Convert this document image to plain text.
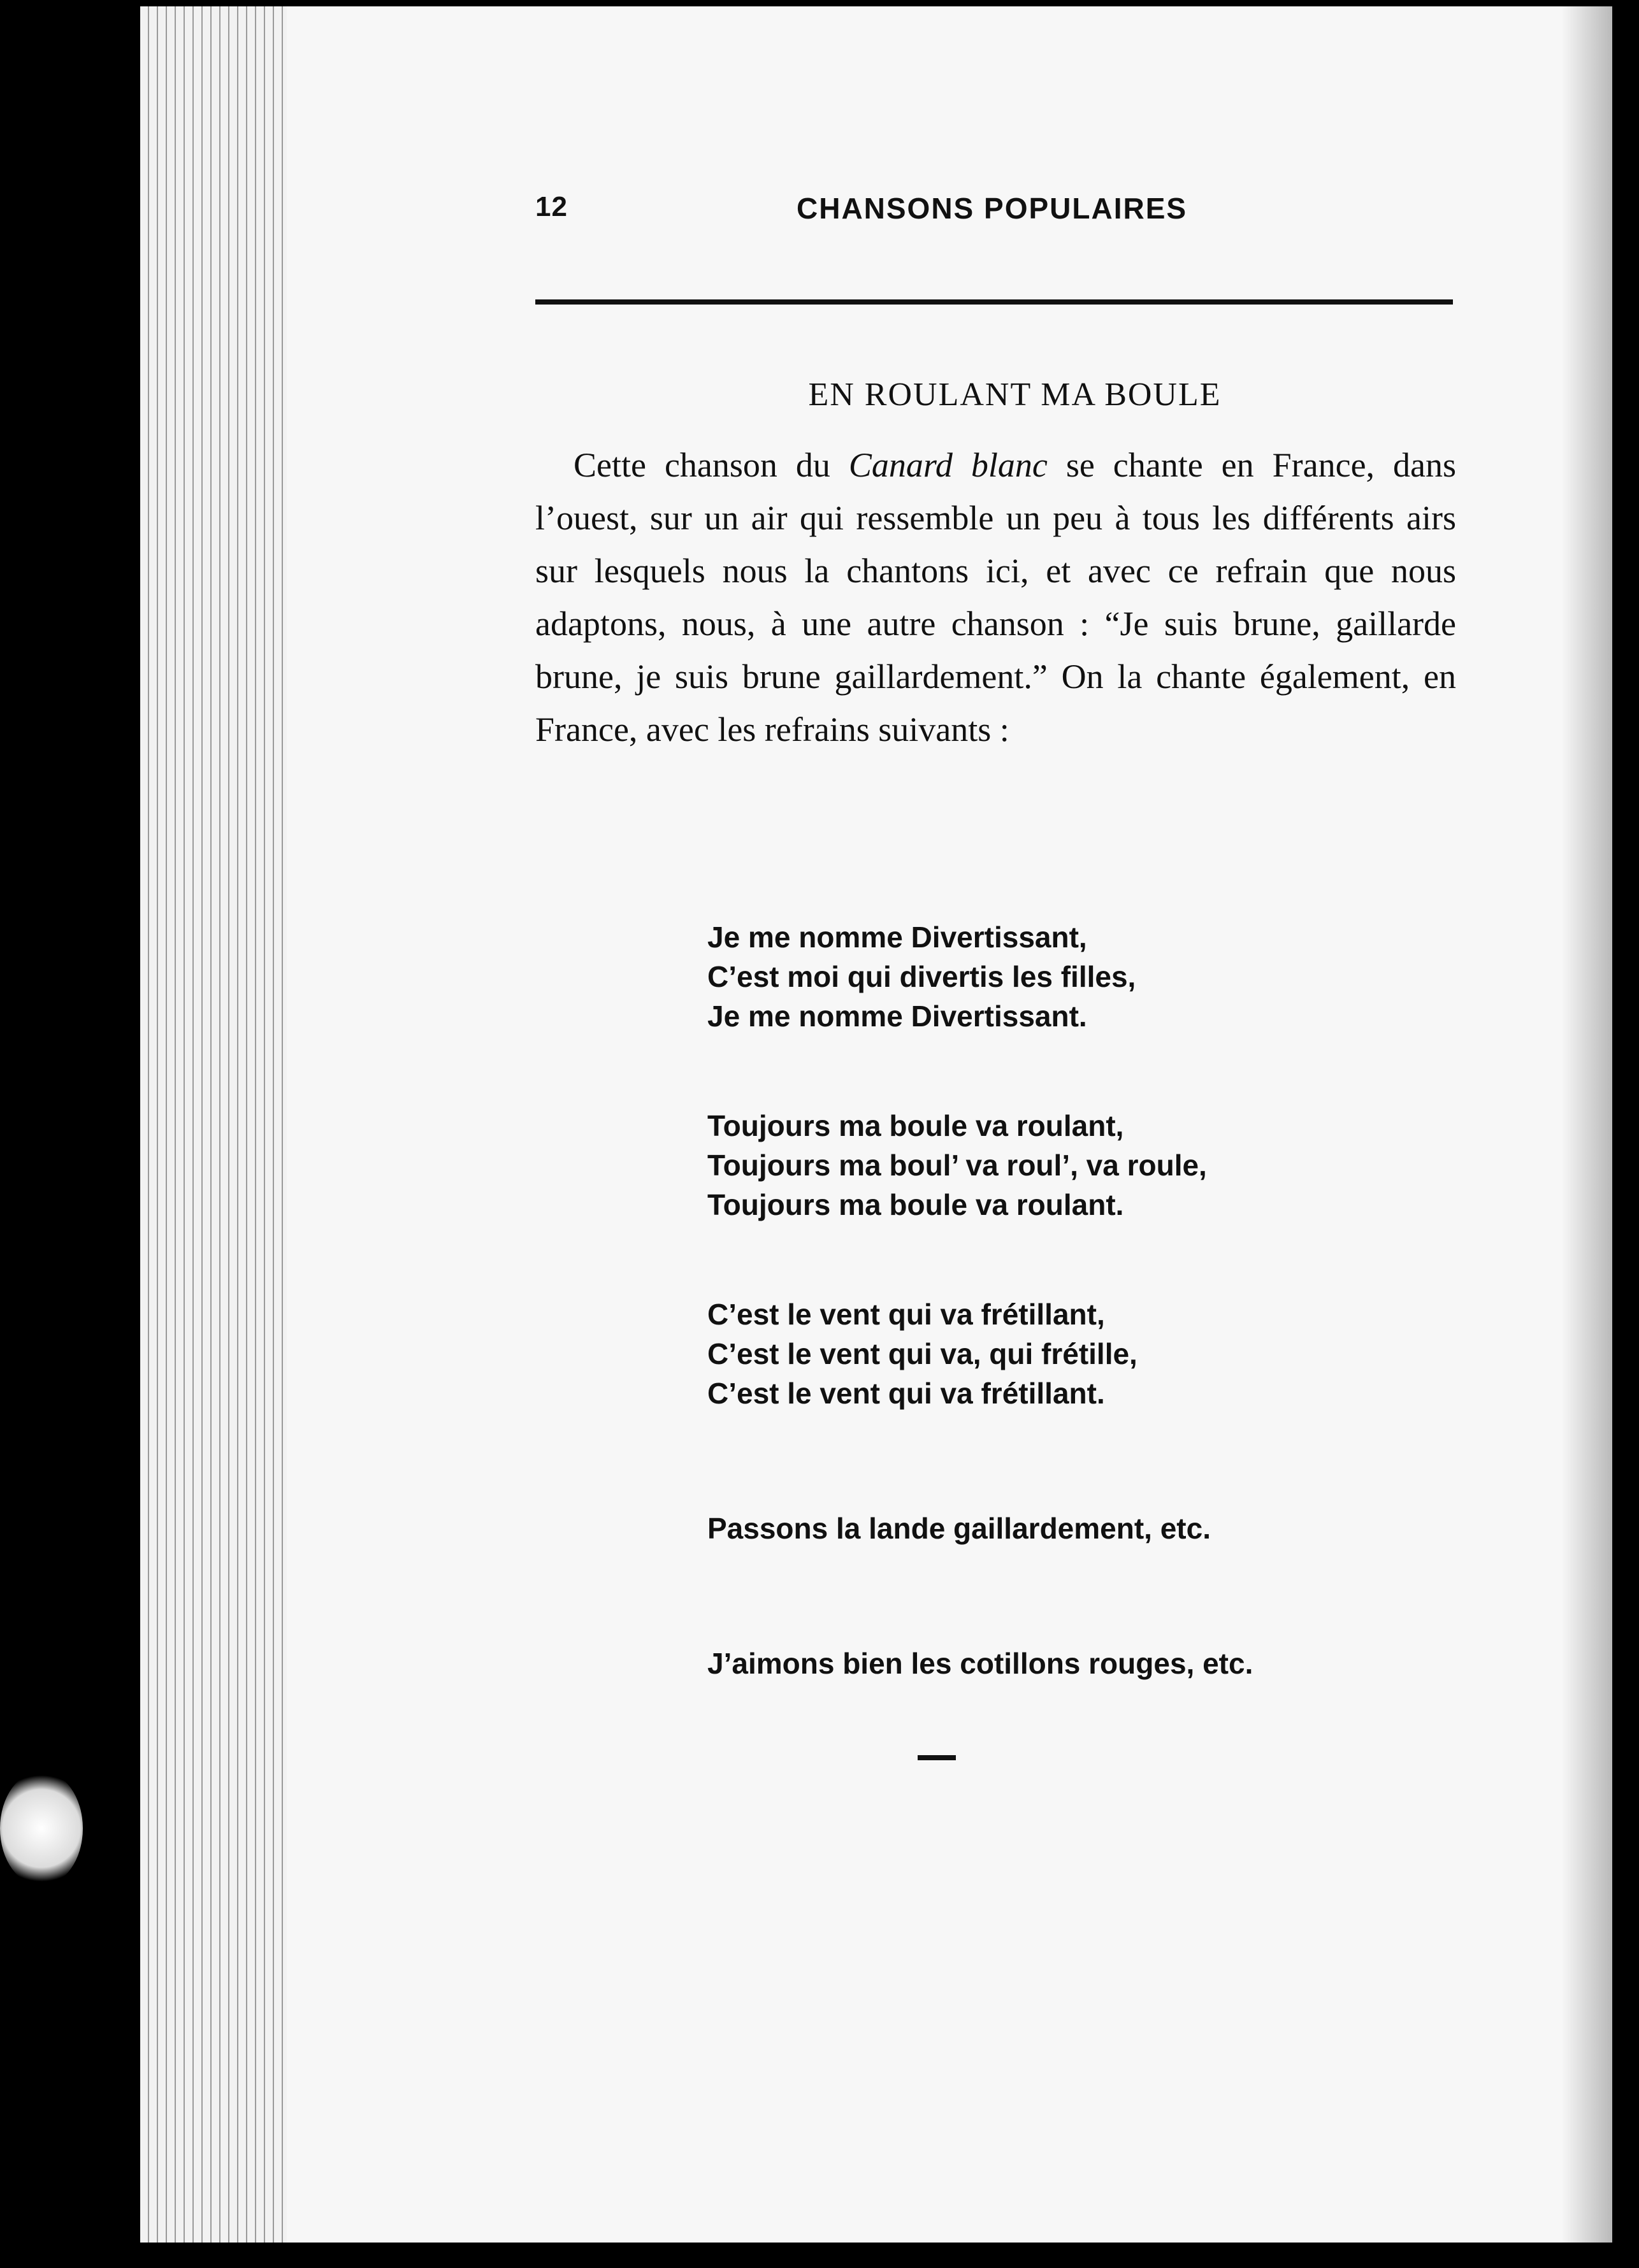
12	CHANSONS POPULAIRES
EN ROULANT MA BOULE

Cette chanson du Canard blanc se chante en France, dans l’ouest, sur un air qui ressemble un peu à tous les différents airs sur lesquels nous la chantons ici, et avec ce refrain que nous adaptons, nous, à une autre chanson : “Je suis brune, gaillarde brune, je suis brune gaillardement.” On la chante également, en France, avec les refrains suivants :

Je me nomme Divertissant,
C’est moi qui divertis les filles,
Je me nomme Divertissant.
Toujours ma boule va roulant,
Toujours ma boul’ va roul’, va roule,
Toujours ma boule va roulant.
C’est le vent qui va frétillant,
C’est le vent qui va, qui frétille,
C’est le vent qui va frétillant.
Passons la lande gaillardement, etc.
J’aimons bien les cotillons rouges, etc.
